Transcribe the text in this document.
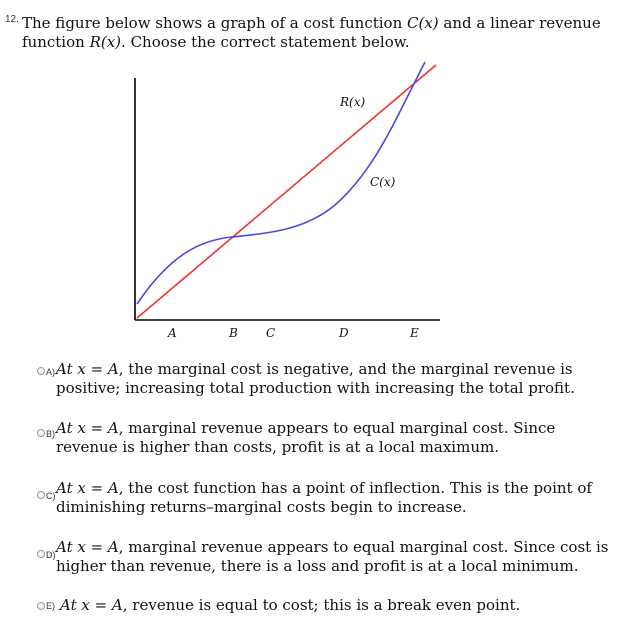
12. The figure below shows a graph of a cost function C(x) and a linear revenue function R(x). Choose the correct statement below.
R(x)
C(x)
A	B C	D	E
A) At x = A, the marginal cost is negative, and the marginal revenue is positive; increasing total production with increasing the total profit.
B) At x = A, marginal revenue appears to equal marginal cost. Since revenue is higher than costs, profit is at a local maximum.
C) At x = A, the cost function has a point of inflection. This is the point of diminishing returns–marginal costs begin to increase.
D) At x = A, marginal revenue appears to equal marginal cost. Since cost is higher than revenue, there is a loss and profit is at a local minimum.
E) At x = A, revenue is equal to cost; this is a break even point.
